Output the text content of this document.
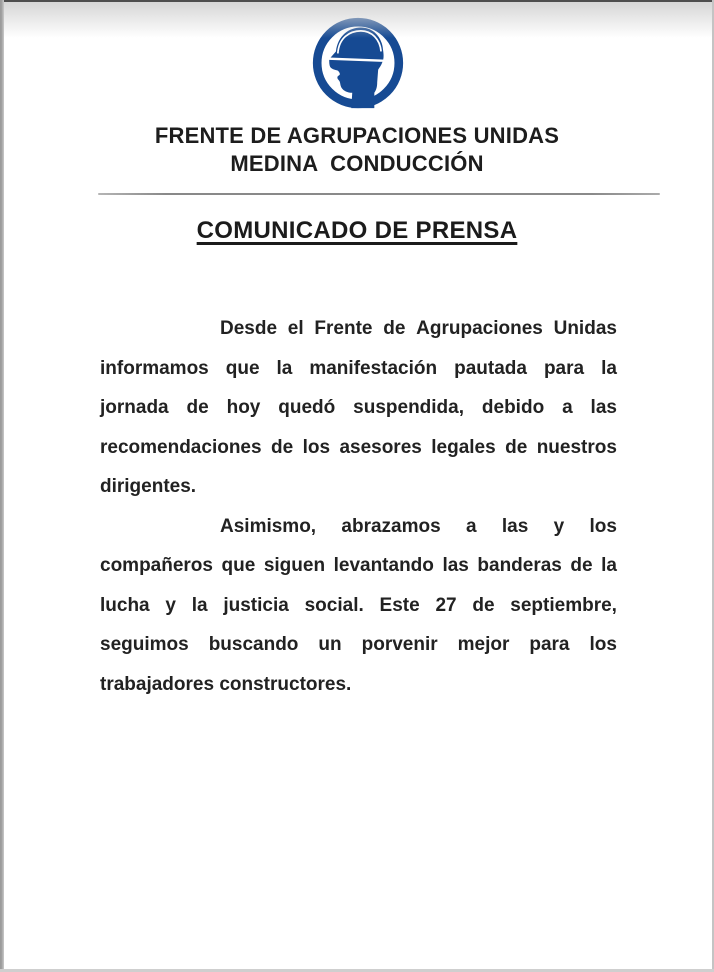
FRENTE DE AGRUPACIONES UNIDAS
MEDINA  CONDUCCIÓN
COMUNICADO DE PRENSA
Desde el Frente de Agrupaciones Unidas
informamos que la manifestación pautada para la
jornada de hoy quedó suspendida, debido a las
recomendaciones de los asesores legales de nuestros
dirigentes.
Asimismo, abrazamos a las y los
compañeros que siguen levantando las banderas de la
lucha y la justicia social. Este 27 de septiembre,
seguimos buscando un porvenir mejor para los
trabajadores constructores.
